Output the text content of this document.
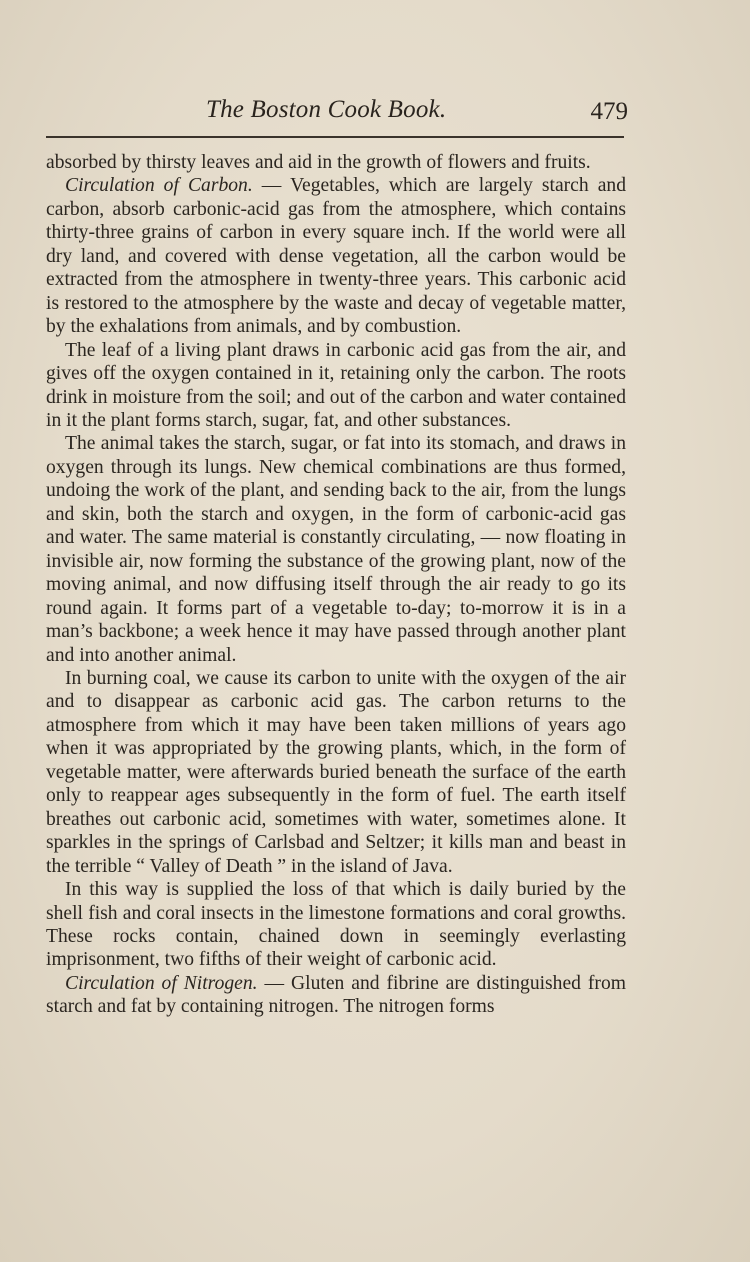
The Boston Cook Book.	479

absorbed by thirsty leaves and aid in the growth of flowers and fruits.

Circulation of Carbon. — Vegetables, which are largely starch and carbon, absorb carbonic-acid gas from the atmosphere, which contains thirty-three grains of carbon in every square inch. If the world were all dry land, and covered with dense vegetation, all the carbon would be extracted from the atmosphere in twenty-three years. This carbonic acid is restored to the atmosphere by the waste and decay of vegetable matter, by the exhalations from animals, and by combustion.

The leaf of a living plant draws in carbonic acid gas from the air, and gives off the oxygen contained in it, retaining only the carbon. The roots drink in moisture from the soil; and out of the carbon and water contained in it the plant forms starch, sugar, fat, and other substances.

The animal takes the starch, sugar, or fat into its stomach, and draws in oxygen through its lungs. New chemical combinations are thus formed, undoing the work of the plant, and sending back to the air, from the lungs and skin, both the starch and oxygen, in the form of carbonic-acid gas and water. The same material is constantly circulating, — now floating in invisible air, now forming the substance of the growing plant, now of the moving animal, and now diffusing itself through the air ready to go its round again. It forms part of a vegetable to-day; to-morrow it is in a man’s backbone; a week hence it may have passed through another plant and into another animal.

In burning coal, we cause its carbon to unite with the oxygen of the air and to disappear as carbonic acid gas. The carbon returns to the atmosphere from which it may have been taken millions of years ago when it was appropriated by the growing plants, which, in the form of vegetable matter, were afterwards buried beneath the surface of the earth only to reappear ages subsequently in the form of fuel. The earth itself breathes out carbonic acid, sometimes with water, sometimes alone. It sparkles in the springs of Carlsbad and Seltzer; it kills man and beast in the terrible “ Valley of Death ” in the island of Java.

In this way is supplied the loss of that which is daily buried by the shell fish and coral insects in the limestone formations and coral growths. These rocks contain, chained down in seemingly everlasting imprisonment, two fifths of their weight of carbonic acid.

Circulation of Nitrogen. — Gluten and fibrine are distinguished from starch and fat by containing nitrogen. The nitrogen forms
